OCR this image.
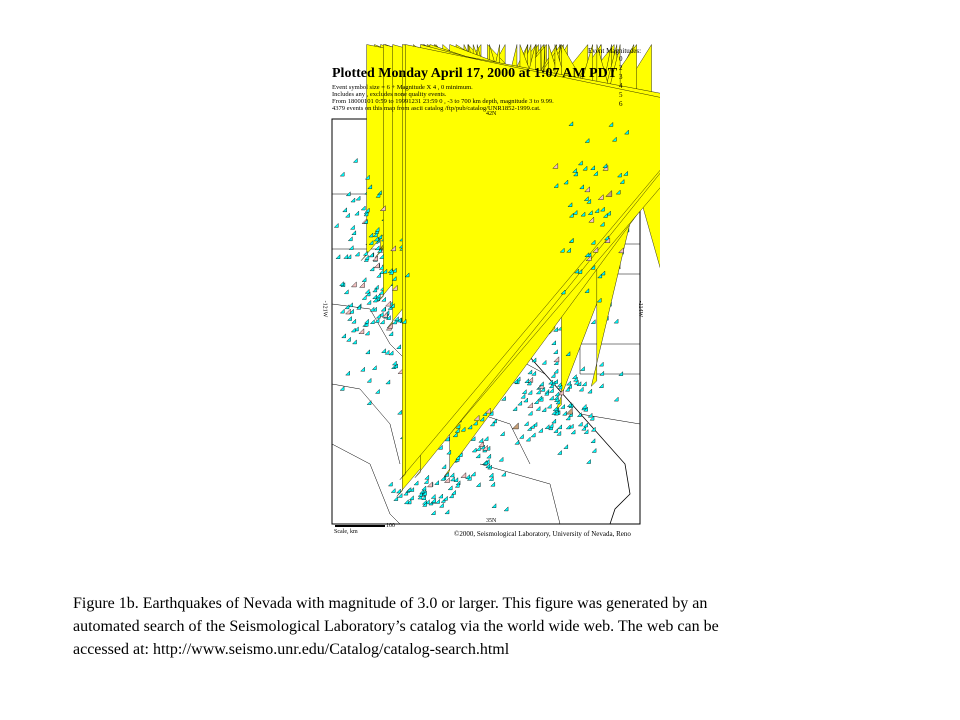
Event Magnitudes:
0
2
3
4
5
6
Plotted Monday April 17, 2000 at 1:07 AM PDT
Event symbol size = 6 + Magnitude X 4 , 0 minimum.
Includes any , excludes none quality events.
From 18000101 0:59 to 19991231 23:59 0 , -3 to 700 km depth, magnitude 3 to 9.99.
4379 events on this map from ascii catalog /ftp/pub/catalog/UNR1852-1999.cat.
42N
35N
-121W	-114W
100
Scale, km	©2000, Seismological Laboratory, University of Nevada, Reno

Figure 1b. Earthquakes of Nevada with magnitude of 3.0 or larger. This figure was generated by an

automated search of the Seismological Laboratory’s catalog via the world wide web. The web can be

accessed at: http://www.seismo.unr.edu/Catalog/catalog-search.html
